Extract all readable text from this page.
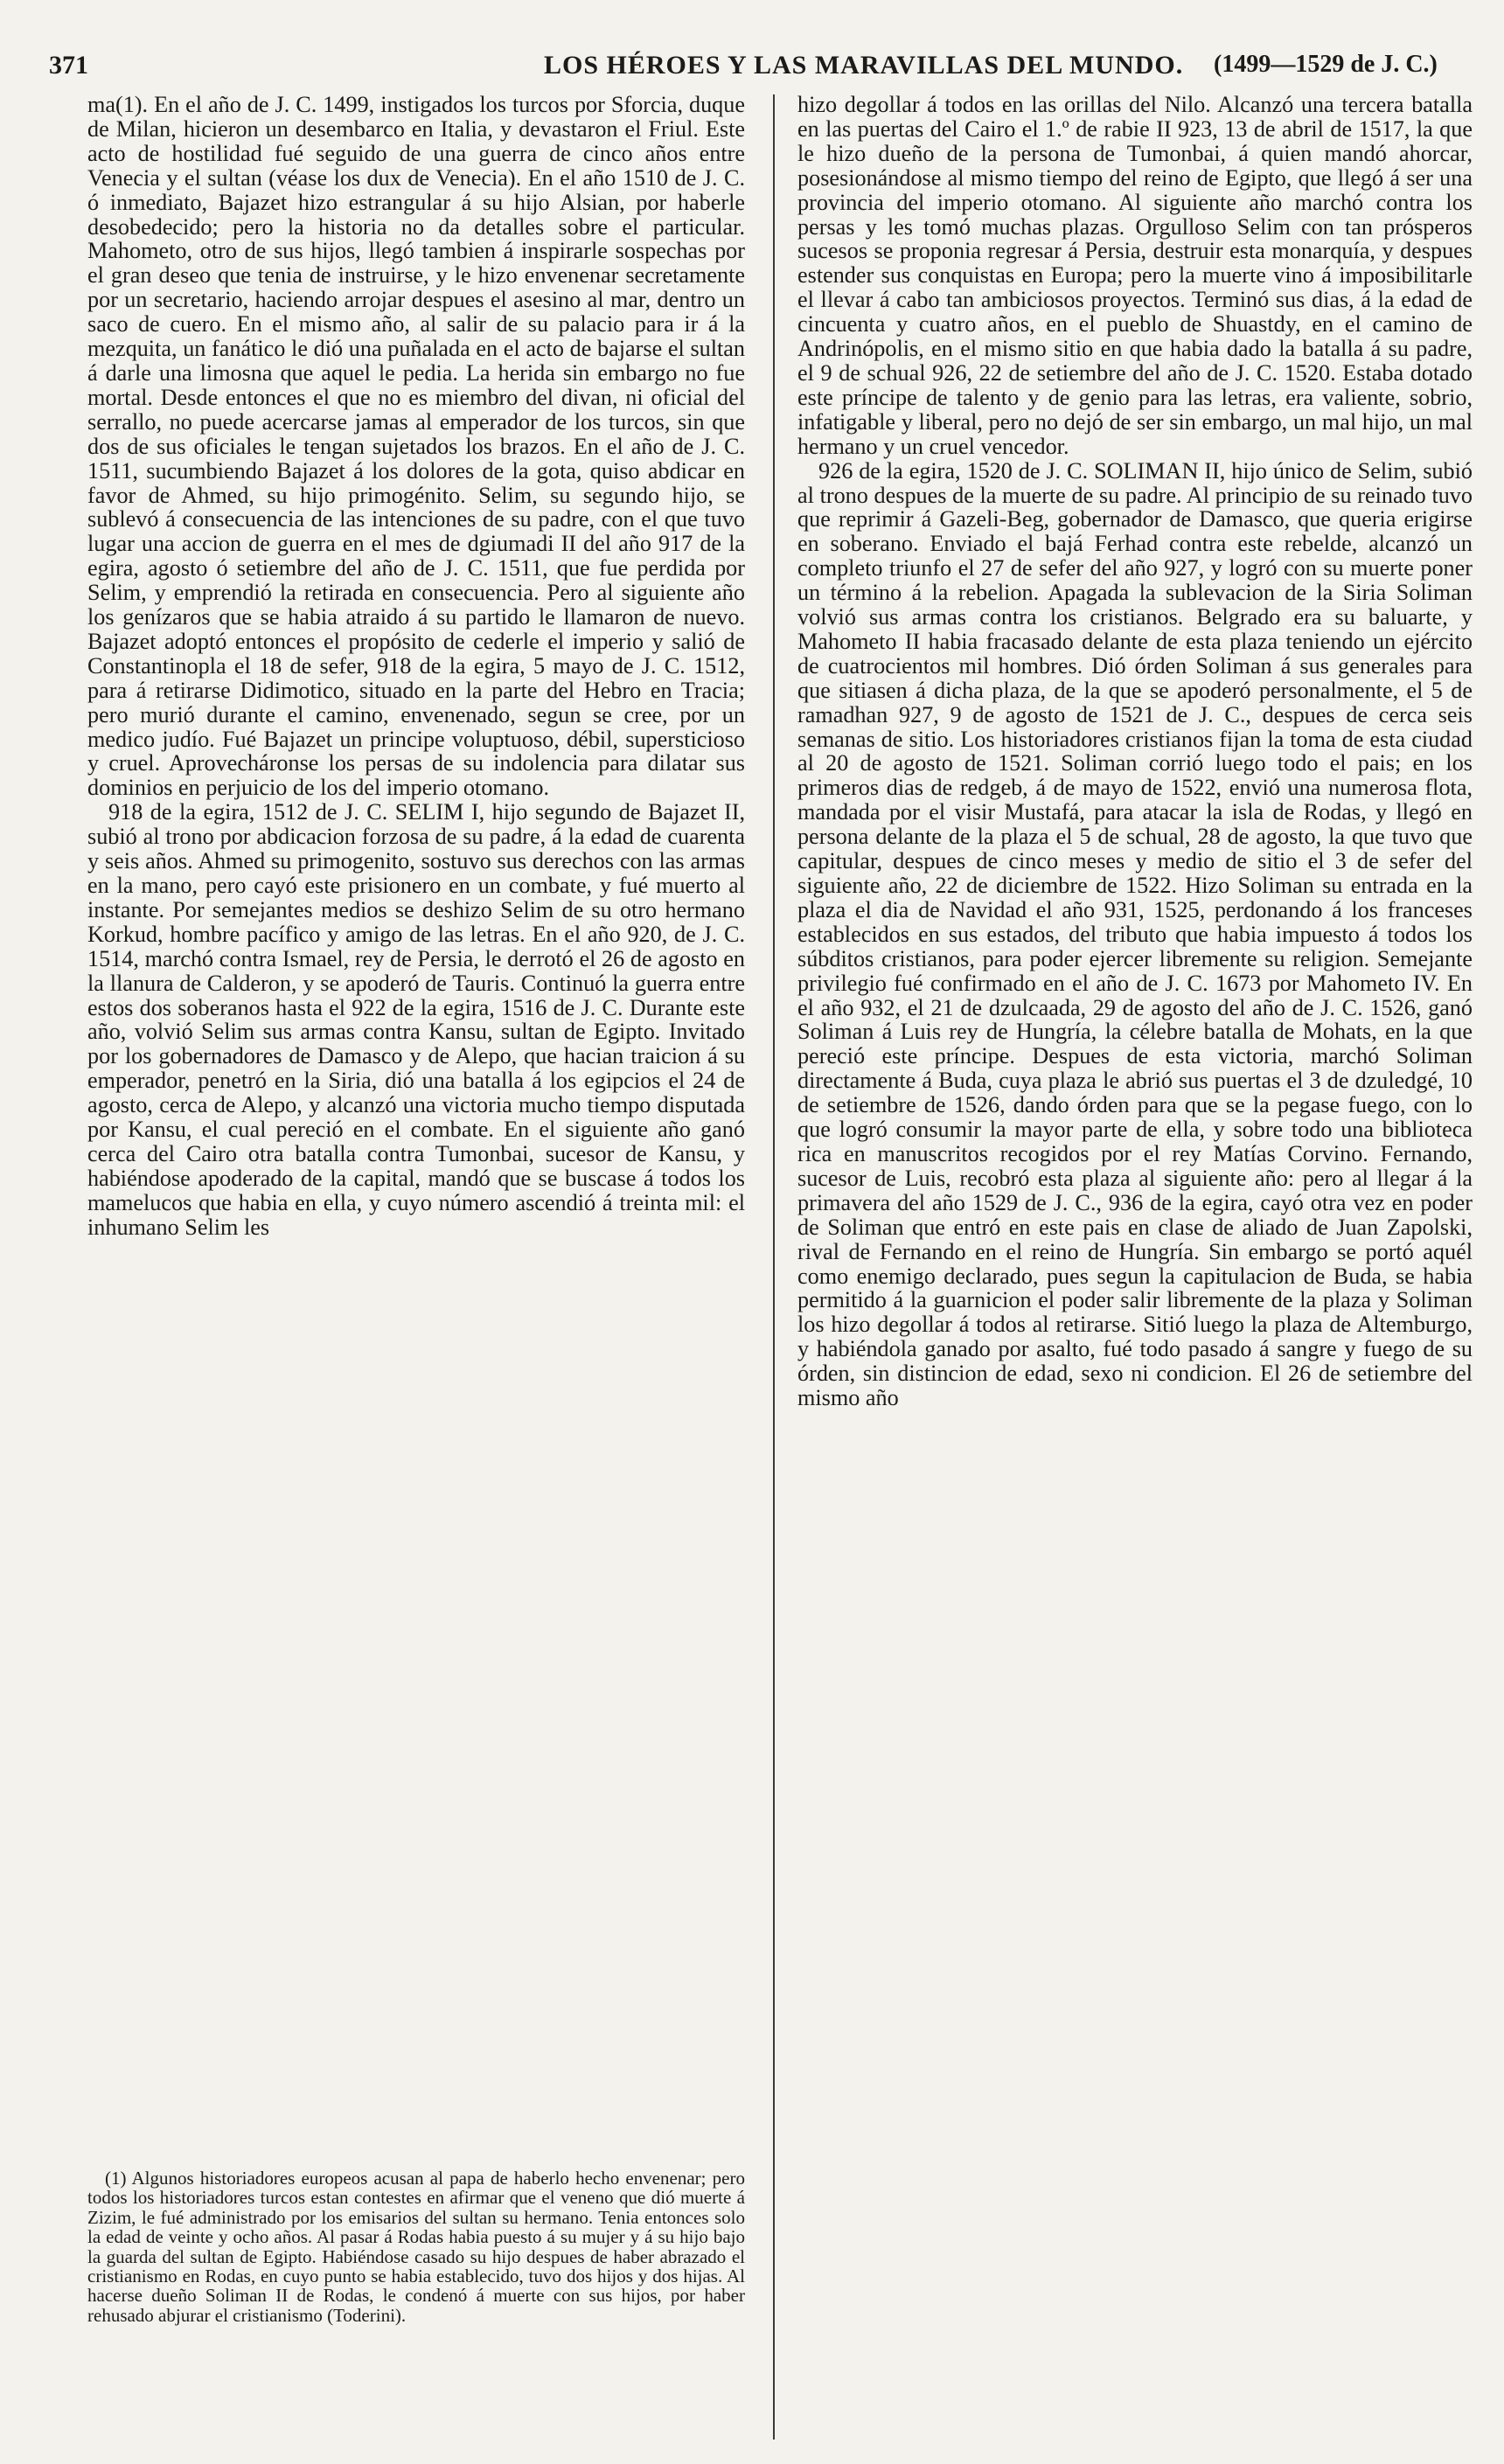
371	LOS HÉROES Y LAS MARAVILLAS DEL MUNDO. (1499—1529 de J. C.)

ma(1). En el año de J. C. 1499, instigados los turcos por Sforcia, duque de Milan, hicieron un desembarco en Italia, y devastaron el Friul. Este acto de hostilidad fué seguido de una guerra de cinco años entre Venecia y el sultan (véase los dux de Venecia). En el año 1510 de J. C. ó inmediato, Bajazet hizo estrangular á su hijo Alsian, por haberle desobedecido; pero la historia no da detalles sobre el particular. Mahometo, otro de sus hijos, llegó tambien á inspirarle sospechas por el gran deseo que tenia de instruirse, y le hizo envenenar secretamente por un secretario, haciendo arrojar despues el asesino al mar, dentro un saco de cuero. En el mismo año, al salir de su palacio para ir á la mezquita, un fanático le dió una puñalada en el acto de bajarse el sultan á darle una limosna que aquel le pedia. La herida sin embargo no fue mortal. Desde entonces el que no es miembro del divan, ni oficial del serrallo, no puede acercarse jamas al emperador de los turcos, sin que dos de sus oficiales le tengan sujetados los brazos. En el año de J. C. 1511, sucumbiendo Bajazet á los dolores de la gota, quiso abdicar en favor de Ahmed, su hijo primogénito. Selim, su segundo hijo, se sublevó á consecuencia de las intenciones de su padre, con el que tuvo lugar una accion de guerra en el mes de dgiumadi II del año 917 de la egira, agosto ó setiembre del año de J. C. 1511, que fue perdida por Selim, y emprendió la retirada en consecuencia. Pero al siguiente año los genízaros que se habia atraido á su partido le llamaron de nuevo. Bajazet adoptó entonces el propósito de cederle el imperio y salió de Constantinopla el 18 de sefer, 918 de la egira, 5 mayo de J. C. 1512, para á retirarse Didimotico, situado en la parte del Hebro en Tracia; pero murió durante el camino, envenenado, segun se cree, por un medico judío. Fué Bajazet un principe voluptuoso, débil, supersticioso y cruel. Aprovecháronse los persas de su indolencia para dilatar sus dominios en perjuicio de los del imperio otomano.

918 de la egira, 1512 de J. C. SELIM I, hijo segundo de Bajazet II, subió al trono por abdicacion forzosa de su padre, á la edad de cuarenta y seis años. Ahmed su primogenito, sostuvo sus derechos con las armas en la mano, pero cayó este prisionero en un combate, y fué muerto al instante. Por semejantes medios se deshizo Selim de su otro hermano Korkud, hombre pacífico y amigo de las letras. En el año 920, de J. C. 1514, marchó contra Ismael, rey de Persia, le derrotó el 26 de agosto en la llanura de Calderon, y se apoderó de Tauris. Continuó la guerra entre estos dos soberanos hasta el 922 de la egira, 1516 de J. C. Durante este año, volvió Selim sus armas contra Kansu, sultan de Egipto. Invitado por los gobernadores de Damasco y de Alepo, que hacian traicion á su emperador, penetró en la Siria, dió una batalla á los egipcios el 24 de agosto, cerca de Alepo, y alcanzó una victoria mucho tiempo disputada por Kansu, el cual pereció en el combate. En el siguiente año ganó cerca del Cairo otra batalla contra Tumonbai, sucesor de Kansu, y habiéndose apoderado de la capital, mandó que se buscase á todos los mamelucos que habia en ella, y cuyo número ascendió á treinta mil: el inhumano Selim les

hizo degollar á todos en las orillas del Nilo. Alcanzó una tercera batalla en las puertas del Cairo el 1.º de rabie II 923, 13 de abril de 1517, la que le hizo dueño de la persona de Tumonbai, á quien mandó ahorcar, posesionándose al mismo tiempo del reino de Egipto, que llegó á ser una provincia del imperio otomano. Al siguiente año marchó contra los persas y les tomó muchas plazas. Orgulloso Selim con tan prósperos sucesos se proponia regresar á Persia, destruir esta monarquía, y despues estender sus conquistas en Europa; pero la muerte vino á imposibilitarle el llevar á cabo tan ambiciosos proyectos. Terminó sus dias, á la edad de cincuenta y cuatro años, en el pueblo de Shuastdy, en el camino de Andrinópolis, en el mismo sitio en que habia dado la batalla á su padre, el 9 de schual 926, 22 de setiembre del año de J. C. 1520. Estaba dotado este príncipe de talento y de genio para las letras, era valiente, sobrio, infatigable y liberal, pero no dejó de ser sin embargo, un mal hijo, un mal hermano y un cruel vencedor.

926 de la egira, 1520 de J. C. SOLIMAN II, hijo único de Selim, subió al trono despues de la muerte de su padre. Al principio de su reinado tuvo que reprimir á Gazeli-Beg, gobernador de Damasco, que queria erigirse en soberano. Enviado el bajá Ferhad contra este rebelde, alcanzó un completo triunfo el 27 de sefer del año 927, y logró con su muerte poner un término á la rebelion. Apagada la sublevacion de la Siria Soliman volvió sus armas contra los cristianos. Belgrado era su baluarte, y Mahometo II habia fracasado delante de esta plaza teniendo un ejército de cuatrocientos mil hombres. Dió órden Soliman á sus generales para que sitiasen á dicha plaza, de la que se apoderó personalmente, el 5 de ramadhan 927, 9 de agosto de 1521 de J. C., despues de cerca seis semanas de sitio. Los historiadores cristianos fijan la toma de esta ciudad al 20 de agosto de 1521. Soliman corrió luego todo el pais; en los primeros dias de redgeb, á de mayo de 1522, envió una numerosa flota, mandada por el visir Mustafá, para atacar la isla de Rodas, y llegó en persona delante de la plaza el 5 de schual, 28 de agosto, la que tuvo que capitular, despues de cinco meses y medio de sitio el 3 de sefer del siguiente año, 22 de diciembre de 1522. Hizo Soliman su entrada en la plaza el dia de Navidad el año 931, 1525, perdonando á los franceses establecidos en sus estados, del tributo que habia impuesto á todos los súbditos cristianos, para poder ejercer libremente su religion. Semejante privilegio fué confirmado en el año de J. C. 1673 por Mahometo IV. En el año 932, el 21 de dzulcaada, 29 de agosto del año de J. C. 1526, ganó Soliman á Luis rey de Hungría, la célebre batalla de Mohats, en la que pereció este príncipe. Despues de esta victoria, marchó Soliman directamente á Buda, cuya plaza le abrió sus puertas el 3 de dzuledgé, 10 de setiembre de 1526, dando órden para que se la pegase fuego, con lo que logró consumir la mayor parte de ella, y sobre todo una biblioteca rica en manuscritos recogidos por el rey Matías Corvino. Fernando, sucesor de Luis, recobró esta plaza al siguiente año: pero al llegar á la primavera del año 1529 de J. C., 936 de la egira, cayó otra vez en poder de Soliman que entró en este pais en clase de aliado de Juan Zapolski, rival de Fernando en el reino de Hungría. Sin embargo se portó aquél como enemigo declarado, pues segun la capitulacion de Buda, se habia permitido á la guarnicion el poder salir libremente de la plaza y Soliman los hizo degollar á todos al retirarse. Sitió luego la plaza de Altemburgo, y habiéndola ganado por asalto, fué todo pasado á sangre y fuego de su órden, sin distincion de edad, sexo ni condicion. El 26 de setiembre del mismo año

(1) Algunos historiadores europeos acusan al papa de haberlo hecho envenenar; pero todos los historiadores turcos estan contestes en afirmar que el veneno que dió muerte á Zizim, le fué administrado por los emisarios del sultan su hermano. Tenia entonces solo la edad de veinte y ocho años. Al pasar á Rodas habia puesto á su mujer y á su hijo bajo la guarda del sultan de Egipto. Habiéndose casado su hijo despues de haber abrazado el cristianismo en Rodas, en cuyo punto se habia establecido, tuvo dos hijos y dos hijas. Al hacerse dueño Soliman II de Rodas, le condenó á muerte con sus hijos, por haber rehusado abjurar el cristianismo (Toderini).
